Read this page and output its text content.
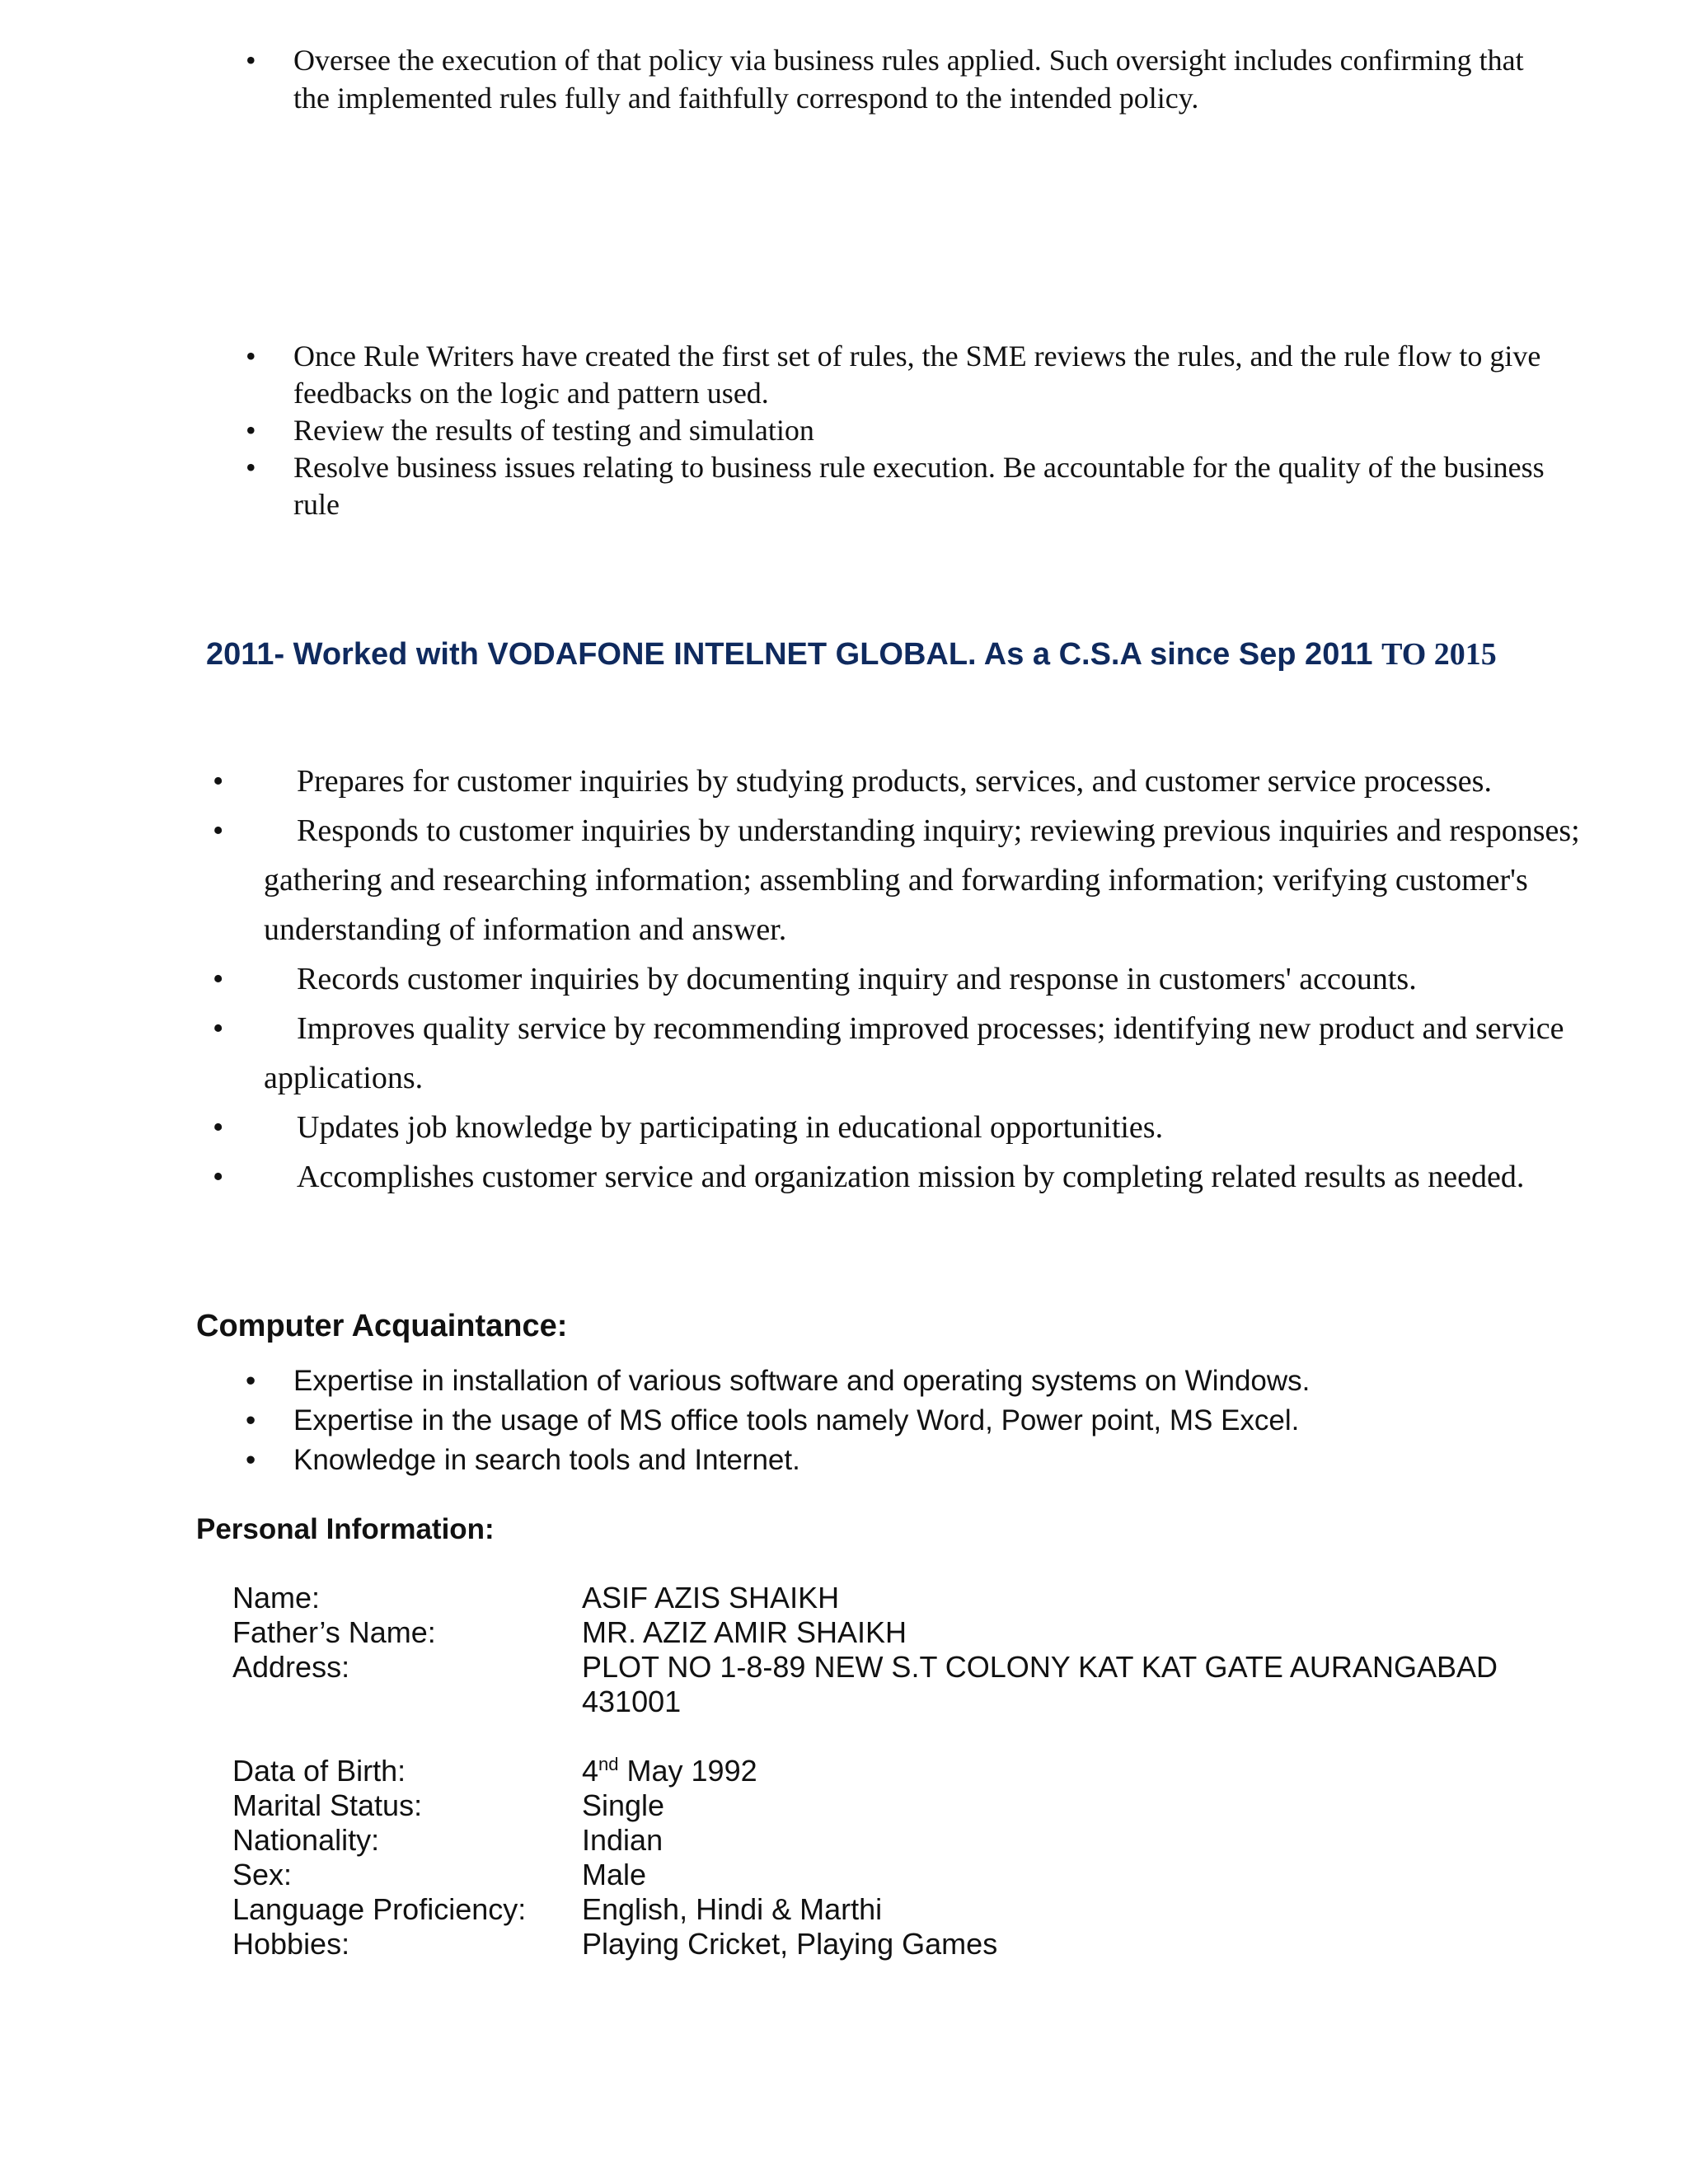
• Oversee the execution of that policy via business rules applied. Such oversight includes confirming that the implemented rules fully and faithfully correspond to the intended policy.
• Once Rule Writers have created the first set of rules, the SME reviews the rules, and the rule flow to give feedbacks on the logic and pattern used.
• Review the results of testing and simulation
• Resolve business issues relating to business rule execution. Be accountable for the quality of the business rule
2011- Worked with VODAFONE INTELNET GLOBAL. As a C.S.A since Sep 2011 TO 2015
• Prepares for customer inquiries by studying products, services, and customer service processes.
• Responds to customer inquiries by understanding inquiry; reviewing previous inquiries and responses; gathering and researching information; assembling and forwarding information; verifying customer's understanding of information and answer.
• Records customer inquiries by documenting inquiry and response in customers' accounts.
• Improves quality service by recommending improved processes; identifying new product and service applications.
• Updates job knowledge by participating in educational opportunities.
• Accomplishes customer service and organization mission by completing related results as needed.
Computer Acquaintance:
• Expertise in installation of various software and operating systems on Windows.
• Expertise in the usage of MS office tools namely Word, Power point, MS Excel.
• Knowledge in search tools and Internet.
Personal Information:
Name:	ASIF AZIS SHAIKH
Father’s Name:	MR. AZIZ AMIR SHAIKH
Address:	PLOT NO 1-8-89 NEW S.T COLONY KAT KAT GATE AURANGABAD 431001
Data of Birth:	4nd May 1992
Marital Status:	Single
Nationality:	Indian
Sex:	Male
Language Proficiency:	English, Hindi & Marthi
Hobbies:	Playing Cricket, Playing Games
